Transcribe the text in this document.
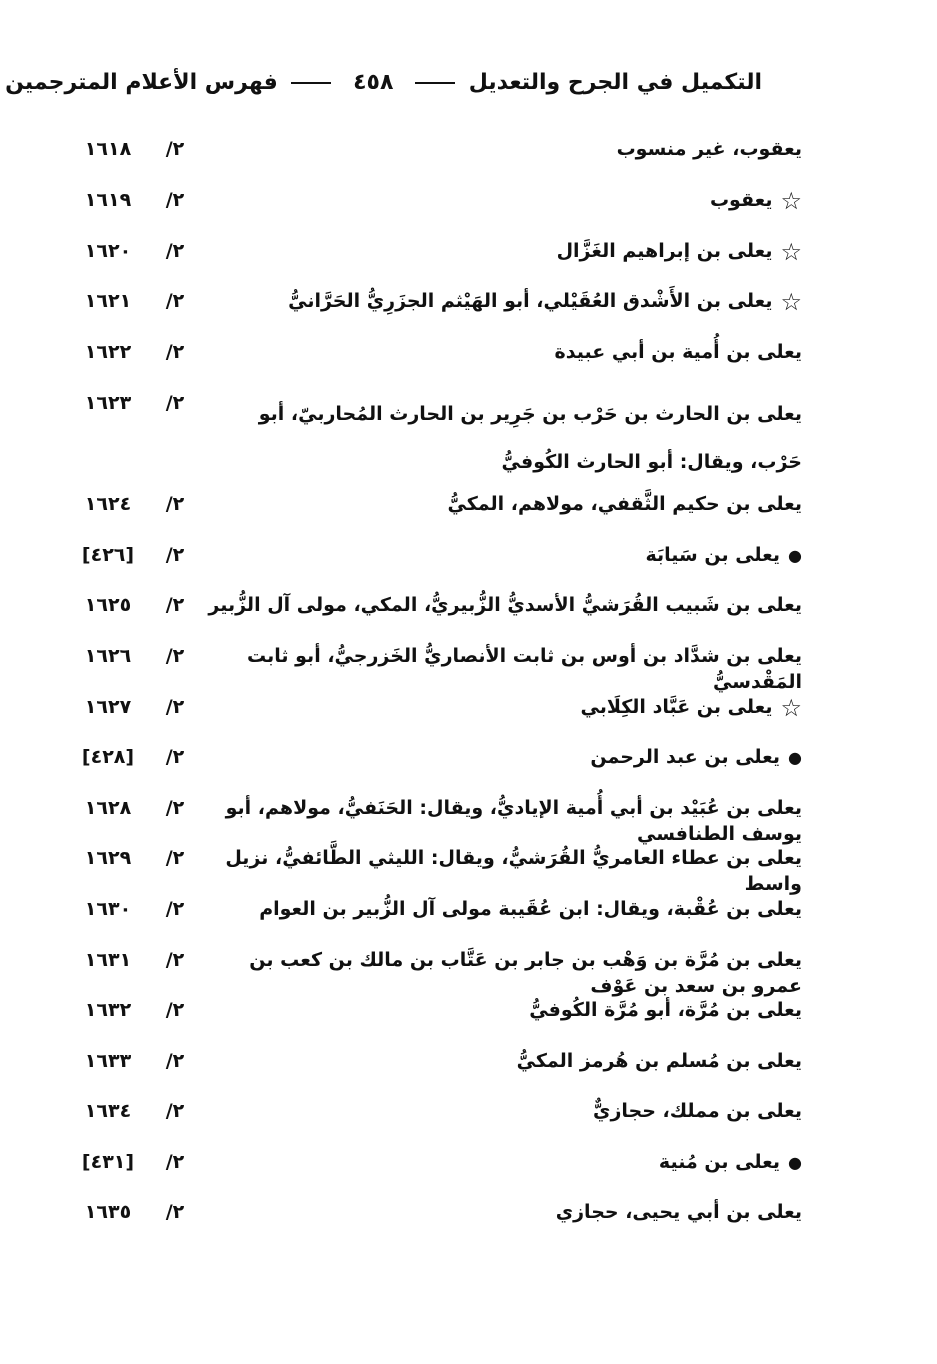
التكميل في الجرح والتعديل  ٤٥٨  فهرس الأعلام المترجمين
يعقوب، غير منسوب
٢/
١٦١٨
☆يعقوب
٢/
١٦١٩
☆يعلى بن إبراهيم الغَزَّال
٢/
١٦٢٠
☆يعلى بن الأَشْدق العُقَيْلي، أبو الهَيْثم الجزَرِيُّ الحَرَّانيُّ
٢/
١٦٢١
يعلى بن أُمية بن أبي عبيدة
٢/
١٦٢٢
يعلى بن الحارث بن حَرْب بن جَرِير بن الحارث المُحاربيّ، أبو حَرْب، ويقال: أبو الحارث الكُوفيُّ
٢/
١٦٢٣
يعلى بن حكيم الثَّقفي، مولاهم، المكيُّ
٢/
١٦٢٤
●يعلى بن سَيابَة
٢/
[٤٢٦]
يعلى بن شَبيب القُرَشيُّ الأسديُّ الزُّبيريُّ، المكي، مولى آل الزُّبير
٢/
١٦٢٥
يعلى بن شدَّاد بن أوس بن ثابت الأنصاريُّ الخَزرجيُّ، أبو ثابت المَقْدسيُّ
٢/
١٦٢٦
☆يعلى بن عَبَّاد الكِلَابي
٢/
١٦٢٧
●يعلى بن عبد الرحمن
٢/
[٤٢٨]
يعلى بن عُبَيْد بن أبي أُمية الإياديُّ، ويقال: الحَنَفيُّ، مولاهم، أبو يوسف الطنافسي
٢/
١٦٢٨
يعلى بن عطاء العامريُّ القُرَشيُّ، ويقال: الليثي الطَّائفيُّ، نزيل واسط
٢/
١٦٢٩
يعلى بن عُقْبة، ويقال: ابن عُقَيبة مولى آل الزُّبير بن العوام
٢/
١٦٣٠
يعلى بن مُرَّة بن وَهْب بن جابر بن عَتَّاب بن مالك بن كعب بن عمرو بن سعد بن عَوْف
٢/
١٦٣١
يعلى بن مُرَّة، أبو مُرَّة الكُوفيُّ
٢/
١٦٣٢
يعلى بن مُسلم بن هُرمز المكيُّ
٢/
١٦٣٣
يعلى بن مملك، حجازيٌّ
٢/
١٦٣٤
●يعلى بن مُنية
٢/
[٤٣١]
يعلى بن أبي يحيى، حجازي
٢/
١٦٣٥
